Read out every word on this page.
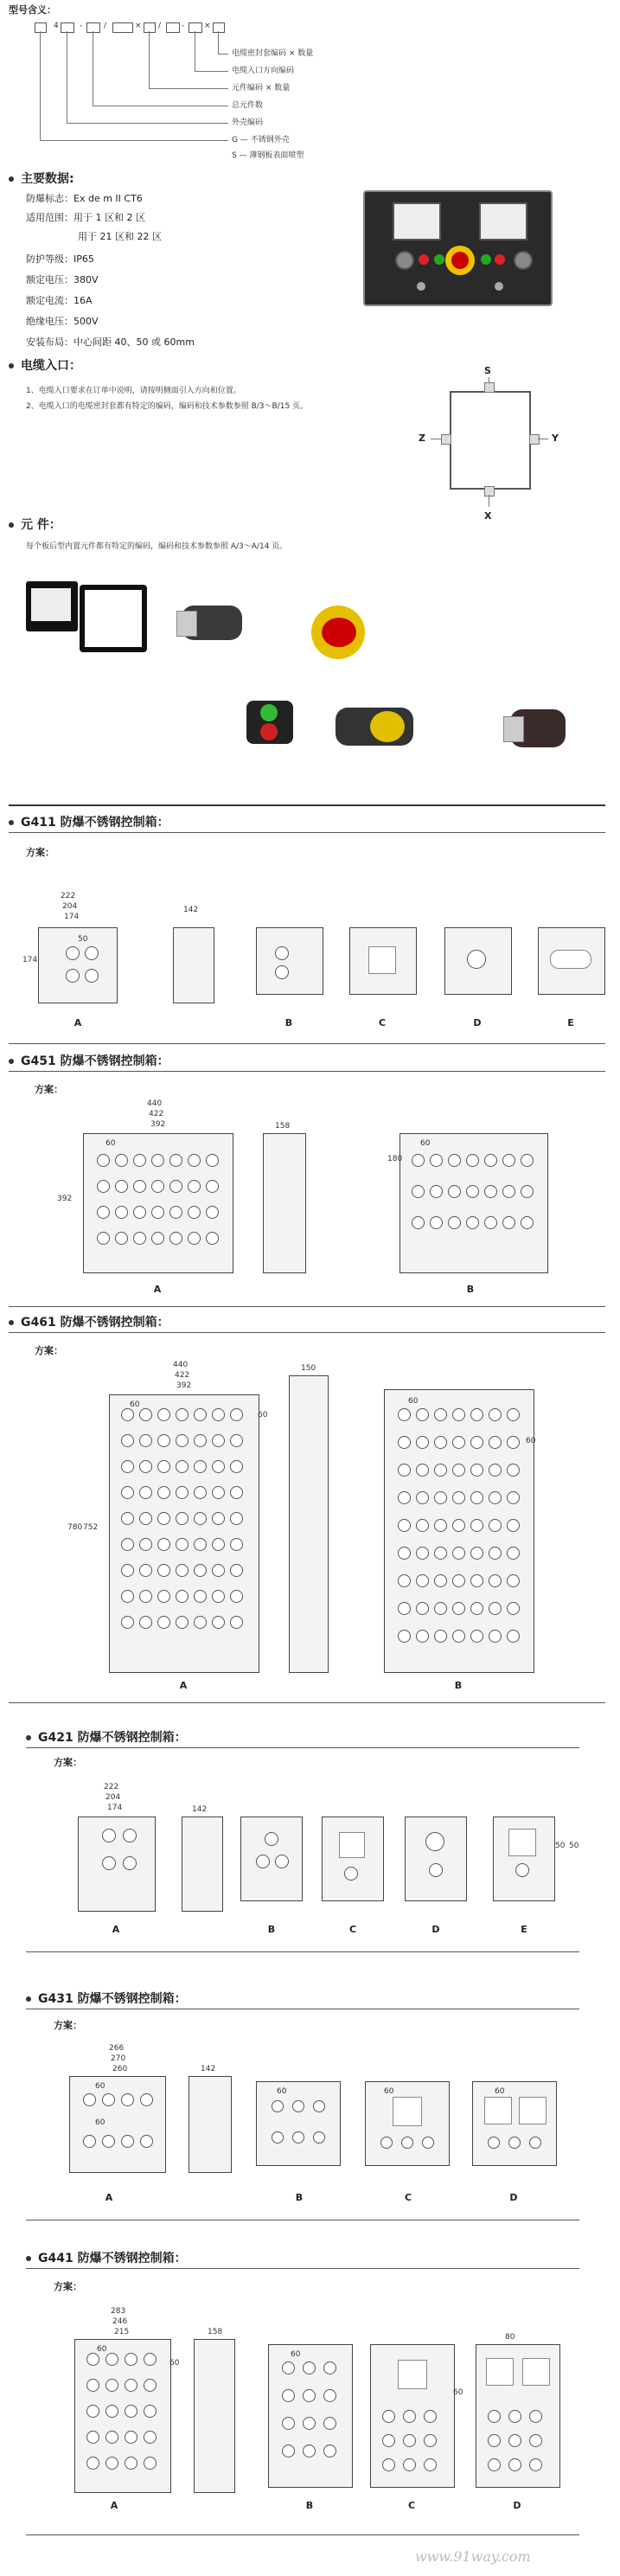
型号含义：
4	-	/	× /	-	×
电缆密封套编码 × 数量
电缆入口方向编码
元件编码 × 数量
总元件数
外壳编码
G — 不锈钢外壳
S — 薄钢板表面喷塑
主要数据:
防爆标志：Ex de m II CT6
适用范围：用于 1 区和 2 区
用于 21 区和 22 区
防护等级：IP65
额定电压：380V
额定电流：16A
绝缘电压：500V
安装布局：中心间距 40、50 或 60mm
电缆入口：
1、电缆入口要求在订单中说明，请按明侧面引入方向和位置。
2、电缆入口的电缆密封套都有特定的编码，编码和技术参数参照 B/3～B/15 页。
S
Z	Y
X
元 件：
每个板后型内置元件都有特定的编码，编码和技术参数参照 A/3～A/14 页。
G411 防爆不锈钢控制箱：
方案：
222
204
174
50
174
142
A	B	C	D	E
G451 防爆不锈钢控制箱：
方案：
440
422
392
60
392
158
A
60
180
B
G461 防爆不锈钢控制箱：
方案：
440
422
392
60
60
780 752
150
A
60
60
B
G421 防爆不锈钢控制箱：
方案：
222
204
174	142
A	B	C	D
50 50
E
G431 防爆不锈钢控制箱：
方案：
266
270
260
60
60
142
A
60
B
60
C
60
D
G441 防爆不锈钢控制箱：
方案：
283
246
215
60
60
158
A
60
B
60
C
80
D
www.91way.com
